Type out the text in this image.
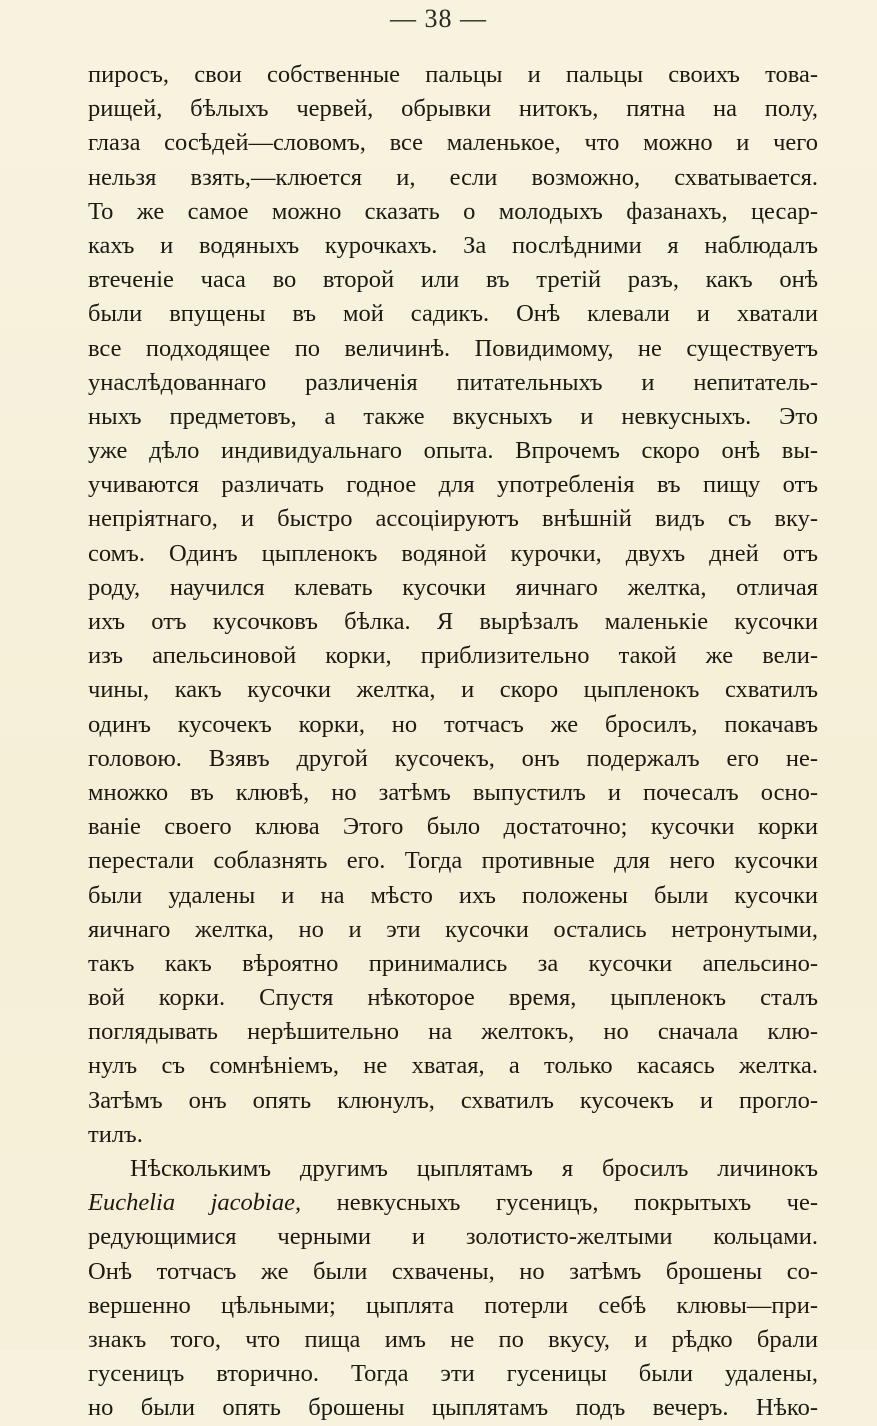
— 38 —
пиросъ, свои собственные пальцы и пальцы своихъ това-
рищей, бѣлыхъ червей, обрывки нитокъ, пятна на полу,
глаза сосѣдей—словомъ, все маленькое, что можно и чего
нельзя взять,—клюется и, если возможно, схватывается.
То же самое можно сказать о молодыхъ фазанахъ, цесар-
кахъ и водяныхъ курочкахъ. За послѣдними я наблюдалъ
втеченіе часа во второй или въ третій разъ, какъ онѣ
были впущены въ мой садикъ. Онѣ клевали и хватали
все подходящее по величинѣ. Повидимому, не существуетъ
унаслѣдованнаго различенія питательныхъ и непитатель-
ныхъ предметовъ, а также вкусныхъ и невкусныхъ. Это
уже дѣло индивидуальнаго опыта. Впрочемъ скоро онѣ вы-
учиваются различать годное для употребленія въ пищу отъ
непріятнаго, и быстро ассоціируютъ внѣшній видъ съ вку-
сомъ. Одинъ цыпленокъ водяной курочки, двухъ дней отъ
роду, научился клевать кусочки яичнаго желтка, отличая
ихъ отъ кусочковъ бѣлка. Я вырѣзалъ маленькіе кусочки
изъ апельсиновой корки, приблизительно такой же вели-
чины, какъ кусочки желтка, и скоро цыпленокъ схватилъ
одинъ кусочекъ корки, но тотчасъ же бросилъ, покачавъ
головою. Взявъ другой кусочекъ, онъ подержалъ его не-
множко въ клювѣ, но затѣмъ выпустилъ и почесалъ осно-
ваніе своего клюва Этого было достаточно; кусочки корки
перестали соблазнять его. Тогда противные для него кусочки
были удалены и на мѣсто ихъ положены были кусочки
яичнаго желтка, но и эти кусочки остались нетронутыми,
такъ какъ вѣроятно принимались за кусочки апельсино-
вой корки. Спустя нѣкоторое время, цыпленокъ сталъ
поглядывать нерѣшительно на желтокъ, но сначала клю-
нулъ съ сомнѣніемъ, не хватая, а только касаясь желтка.
Затѣмъ онъ опять клюнулъ, схватилъ кусочекъ и прогло-
тилъ.
Нѣсколькимъ другимъ цыплятамъ я бросилъ личинокъ
Euchelia jacobiae, невкусныхъ гусеницъ, покрытыхъ че-
редующимися черными и золотисто-желтыми кольцами.
Онѣ тотчасъ же были схвачены, но затѣмъ брошены со-
вершенно цѣльными; цыплята потерли себѣ клювы—при-
знакъ того, что пища имъ не по вкусу, и рѣдко брали
гусеницъ вторично. Тогда эти гусеницы были удалены,
но были опять брошены цыплятамъ подъ вечеръ. Нѣко-
